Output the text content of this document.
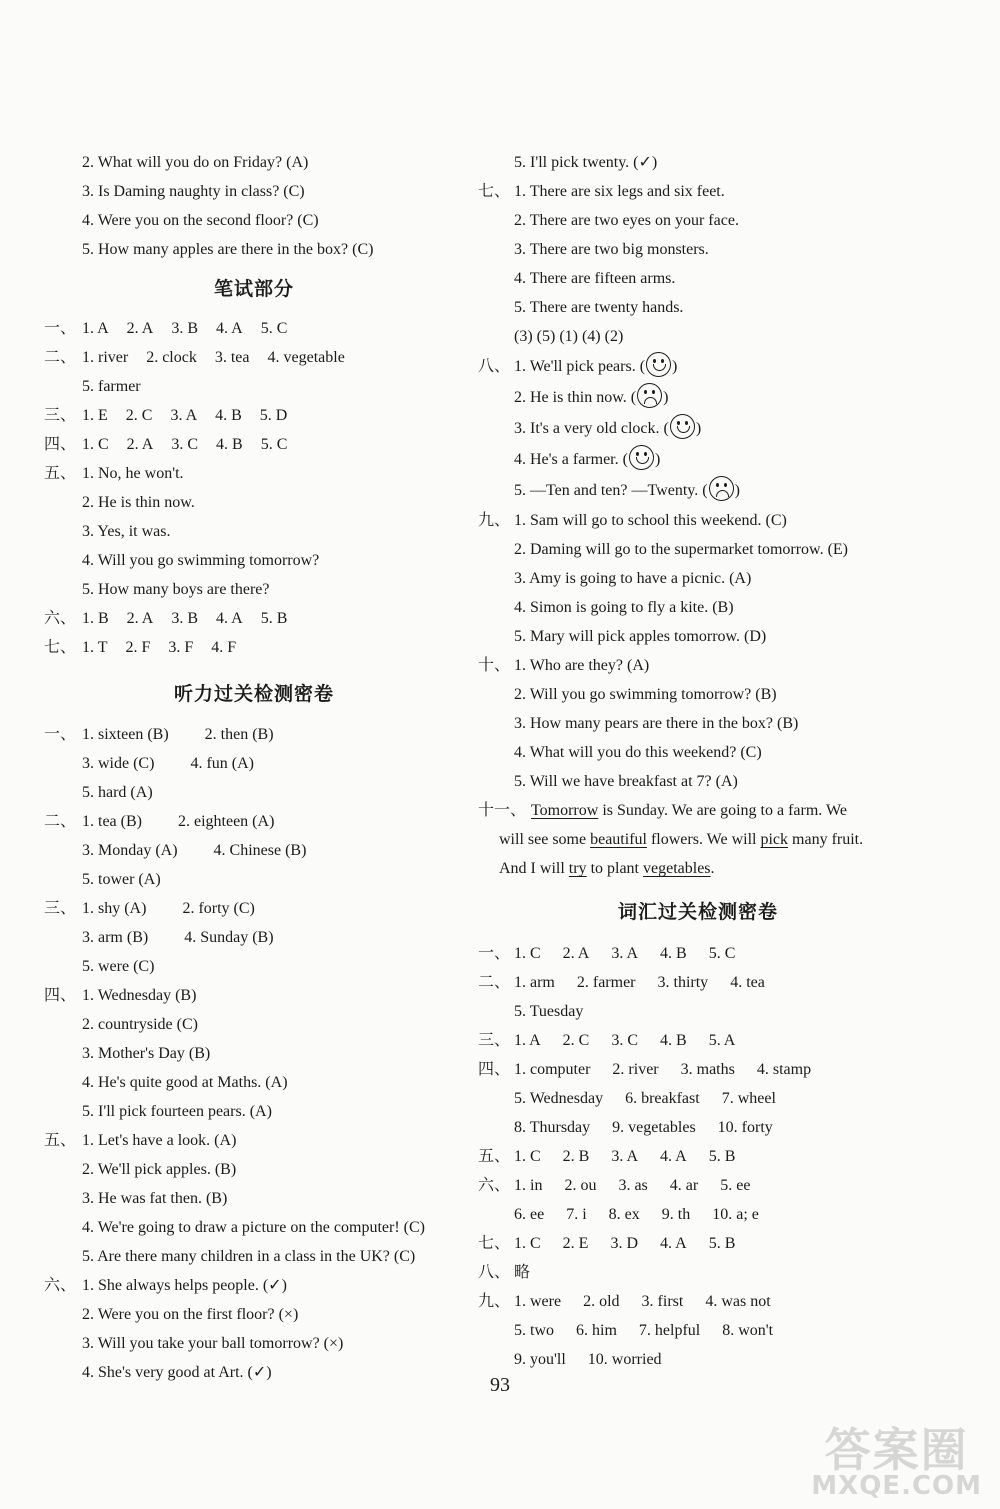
2. What will you do on Friday? (A)
3. Is Daming naughty in class? (C)
4. Were you on the second floor? (C)
5. How many apples are there in the box? (C)
笔试部分
一、 1. A 2. A 3. B 4. A 5. C
二、 1. river 2. clock 3. tea 4. vegetable
5. farmer
三、 1. E 2. C 3. A 4. B 5. D
四、 1. C 2. A 3. C 4. B 5. C
五、 1. No, he won't.
2. He is thin now.
3. Yes, it was.
4. Will you go swimming tomorrow?
5. How many boys are there?
六、 1. B 2. A 3. B 4. A 5. B
七、 1. T 2. F 3. F 4. F
听力过关检测密卷
一、 1. sixteen (B) 2. then (B)
3. wide (C) 4. fun (A)
5. hard (A)
二、 1. tea (B) 2. eighteen (A)
3. Monday (A) 4. Chinese (B)
5. tower (A)
三、 1. shy (A) 2. forty (C)
3. arm (B) 4. Sunday (B)
5. were (C)
四、 1. Wednesday (B)
2. countryside (C)
3. Mother's Day (B)
4. He's quite good at Maths. (A)
5. I'll pick fourteen pears. (A)
五、 1. Let's have a look. (A)
2. We'll pick apples. (B)
3. He was fat then. (B)
4. We're going to draw a picture on the computer! (C)
5. Are there many children in a class in the UK? (C)
六、 1. She always helps people. (✓)
2. Were you on the first floor? (×)
3. Will you take your ball tomorrow? (×)
4. She's very good at Art. (✓)
5. I'll pick twenty. (✓)
七、 1. There are six legs and six feet.
2. There are two eyes on your face.
3. There are two big monsters.
4. There are fifteen arms.
5. There are twenty hands.
(3) (5) (1) (4) (2)
八、 1. We'll pick pears. ( )
2. He is thin now. ( )
3. It's a very old clock. ( )
4. He's a farmer. ( )
5. —Ten and ten? —Twenty. ( )
九、 1. Sam will go to school this weekend. (C)
2. Daming will go to the supermarket tomorrow. (E)
3. Amy is going to have a picnic. (A)
4. Simon is going to fly a kite. (B)
5. Mary will pick apples tomorrow. (D)
十、 1. Who are they? (A)
2. Will you go swimming tomorrow? (B)
3. How many pears are there in the box? (B)
4. What will you do this weekend? (C)
5. Will we have breakfast at 7? (A)
十一、 Tomorrow is Sunday. We are going to a farm. We
will see some beautiful flowers. We will pick many fruit.
And I will try to plant vegetables.
词汇过关检测密卷
一、 1. C 2. A 3. A 4. B 5. C
二、 1. arm 2. farmer 3. thirty 4. tea
5. Tuesday
三、 1. A 2. C 3. C 4. B 5. A
四、 1. computer 2. river 3. maths 4. stamp
5. Wednesday 6. breakfast 7. wheel
8. Thursday 9. vegetables 10. forty
五、 1. C 2. B 3. A 4. A 5. B
六、 1. in 2. ou 3. as 4. ar 5. ee
6. ee 7. i 8. ex 9. th 10. a; e
七、 1. C 2. E 3. D 4. A 5. B
八、 略
九、 1. were 2. old 3. first 4. was not
5. two 6. him 7. helpful 8. won't
9. you'll 10. worried
93
答案圈
MXQE.COM
